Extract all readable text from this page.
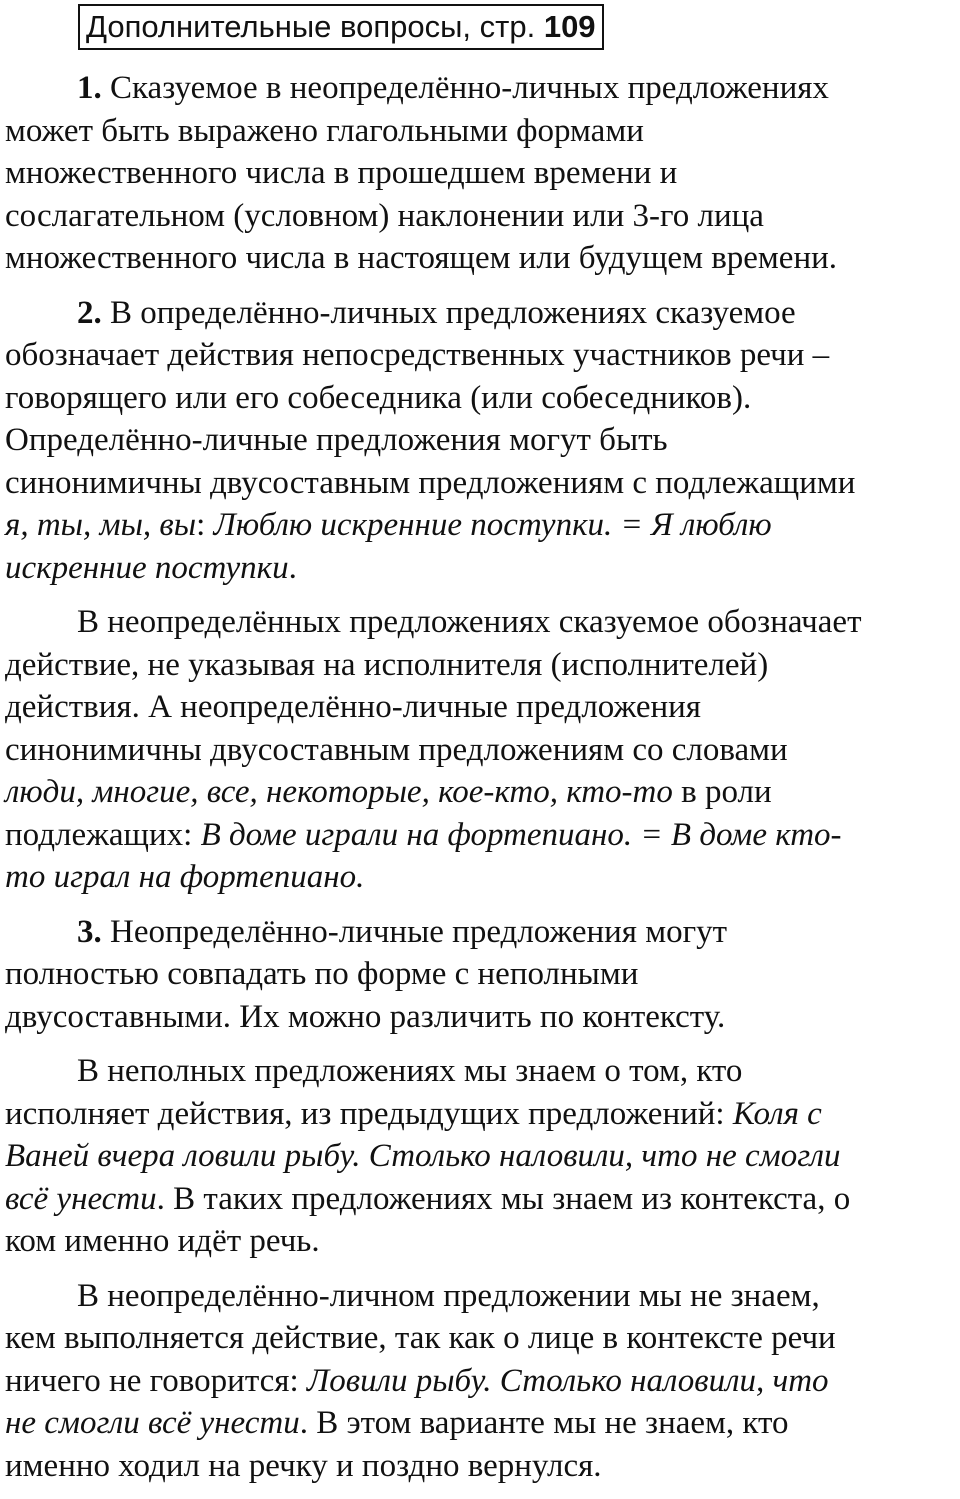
Дополнительные вопросы, стр. 109

1. Сказуемое в неопределённо-личных предложениях
может быть выражено глагольными формами
множественного числа в прошедшем времени и
сослагательном (условном) наклонении или 3-го лица
множественного числа в настоящем или будущем времени.

2. В определённо-личных предложениях сказуемое
обозначает действия непосредственных участников речи –
говорящего или его собеседника (или собеседников).
Определённо-личные предложения могут быть
синонимичны двусоставным предложениям с подлежащими
я, ты, мы, вы: Люблю искренние поступки. = Я люблю
искренние поступки.

В неопределённых предложениях сказуемое обозначает
действие, не указывая на исполнителя (исполнителей)
действия. А неопределённо-личные предложения
синонимичны двусоставным предложениям со словами
люди, многие, все, некоторые, кое-кто, кто-то в роли
подлежащих: В доме играли на фортепиано. = В доме кто-
то играл на фортепиано.

3. Неопределённо-личные предложения могут
полностью совпадать по форме с неполными
двусоставными. Их можно различить по контексту.

В неполных предложениях мы знаем о том, кто
исполняет действия, из предыдущих предложений: Коля с
Ваней вчера ловили рыбу. Столько наловили, что не смогли
всё унести. В таких предложениях мы знаем из контекста, о
ком именно идёт речь.

В неопределённо-личном предложении мы не знаем,
кем выполняется действие, так как о лице в контексте речи
ничего не говорится: Ловили рыбу. Столько наловили, что
не смогли всё унести. В этом варианте мы не знаем, кто
именно ходил на речку и поздно вернулся.
